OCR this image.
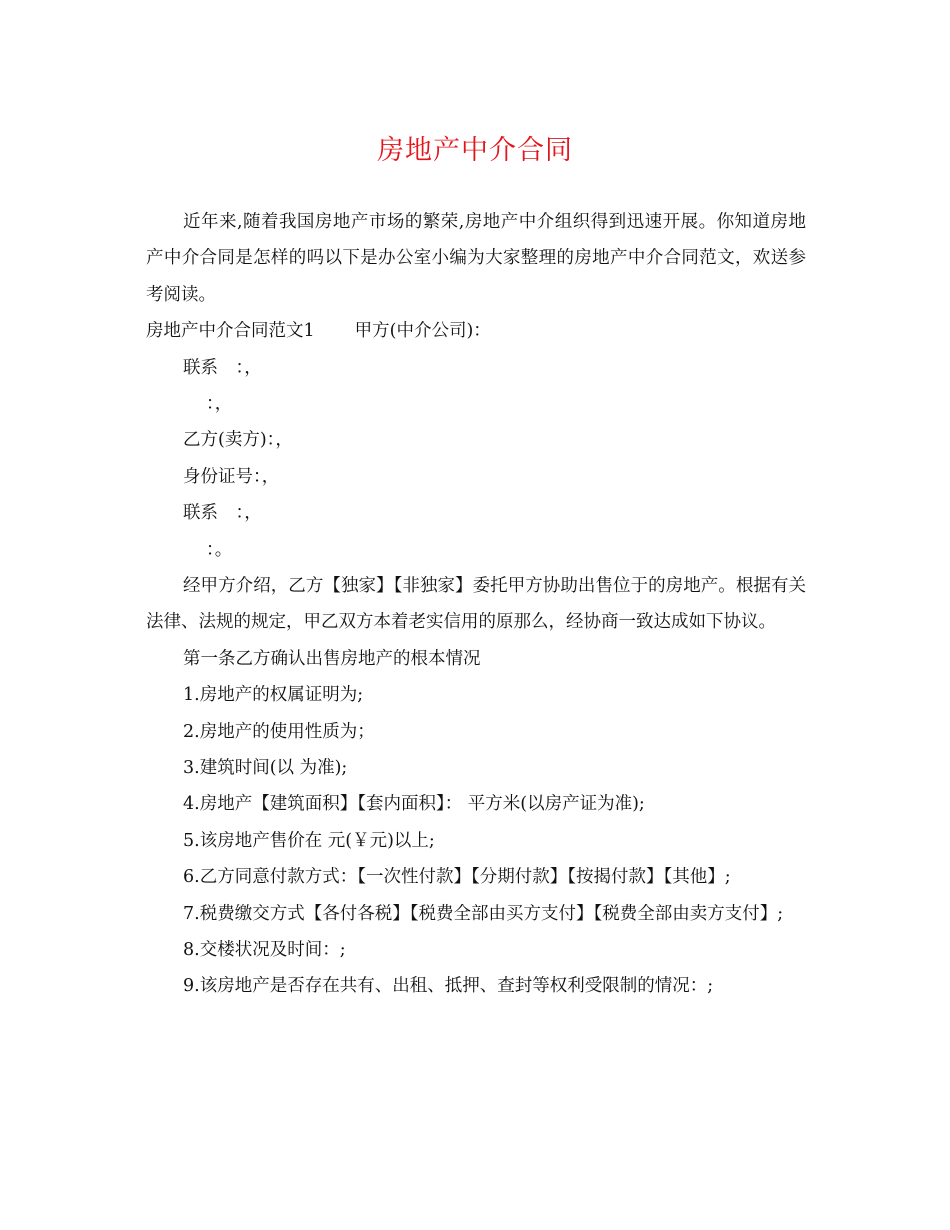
房地产中介合同
近年来,随着我国房地产市场的繁荣,房地产中介组织得到迅速开展。你知道房地产中介合同是怎样的吗以下是办公室小编为大家整理的房地产中介合同范文，欢送参考阅读。
房地产中介合同范文1 甲方(中介公司)：
联系　：，
：，
乙方(卖方)：，
身份证号：，
联系　：，
：。
经甲方介绍，乙方【独家】【非独家】委托甲方协助出售位于的房地产。根据有关法律、法规的规定，甲乙双方本着老实信用的原那么，经协商一致达成如下协议。
第一条乙方确认出售房地产的根本情况
1.房地产的权属证明为;
2.房地产的使用性质为；
3.建筑时间(以 为准);
4.房地产【建筑面积】【套内面积】： 平方米(以房产证为准);
5.该房地产售价在 元(￥元)以上;
6.乙方同意付款方式：【一次性付款】【分期付款】【按揭付款】【其他】;
7.税费缴交方式【各付各税】【税费全部由买方支付】【税费全部由卖方支付】;
8.交楼状况及时间：;
9.该房地产是否存在共有、出租、抵押、查封等权利受限制的情况：;
